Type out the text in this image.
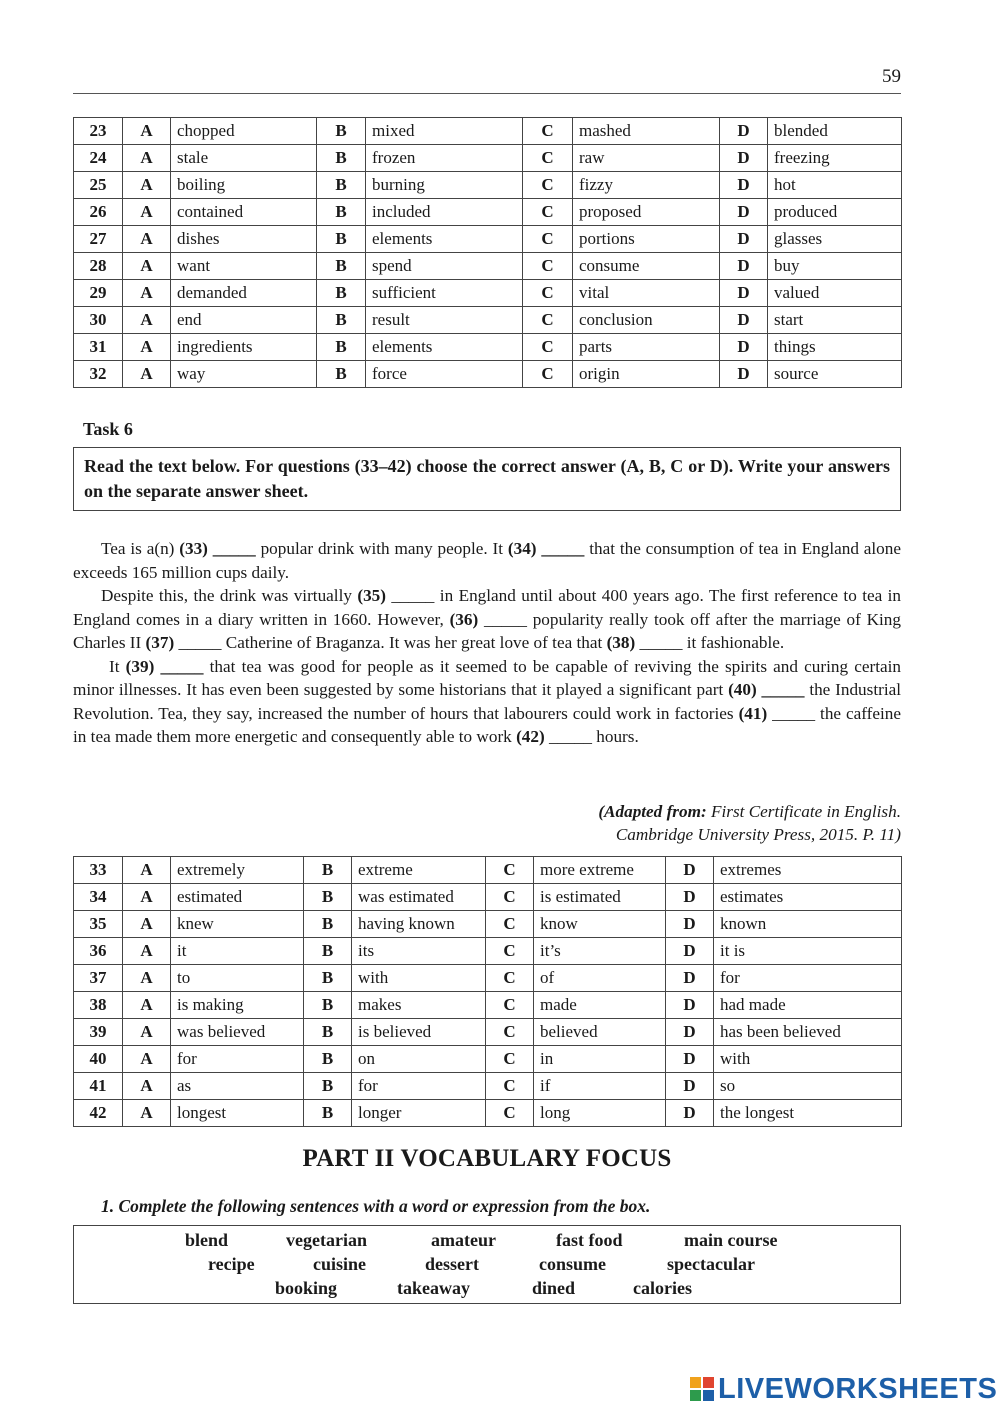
59
23	A	chopped	B	mixed	C	mashed	D	blended
24	A	stale	B	frozen	C	raw	D	freezing
25	A	boiling	B	burning	C	fizzy	D	hot
26	A	contained	B	included	C	proposed	D	produced
27	A	dishes	B	elements	C	portions	D	glasses
28	A	want	B	spend	C	consume	D	buy
29	A	demanded	B	sufficient	C	vital	D	valued
30	A	end	B	result	C	conclusion	D	start
31	A	ingredients	B	elements	C	parts	D	things
32	A	way	B	force	C	origin	D	source
Task 6
Read the text below. For questions (33–42) choose the correct answer (A, B, C or D). Write your answers on the separate answer sheet.

Tea is a(n) (33) _____ popular drink with many people. It (34) _____ that the consumption of tea in England alone exceeds 165 million cups daily.

Despite this, the drink was virtually (35) _____ in England until about 400 years ago. The first reference to tea in England comes in a diary written in 1660. However, (36) _____ popularity really took off after the marriage of King Charles II (37) _____ Catherine of Braganza. It was her great love of tea that (38) _____ it fashionable.

It (39) _____ that tea was good for people as it seemed to be capable of reviving the spirits and curing certain minor illnesses. It has even been suggested by some historians that it played a significant part (40) _____ the Industrial Revolution. Tea, they say, increased the number of hours that labourers could work in factories (41) _____ the caffeine in tea made them more energetic and consequently able to work (42) _____ hours.

(Adapted from: First Certificate in English.
Cambridge University Press, 2015. P. 11)
33	A	extremely	B	extreme	C	more extreme	D	extremes
34	A	estimated	B	was estimated	C	is estimated	D	estimates
35	A	knew	B	having known	C	know	D	known
36	A	it	B	its	C	it’s	D	it is
37	A	to	B	with	C	of	D	for
38	A	is making	B	makes	C	made	D	had made
39	A	was believed	B	is believed	C	believed	D	has been believed
40	A	for	B	on	C	in	D	with
41	A	as	B	for	C	if	D	so
42	A	longest	B	longer	C	long	D	the longest
PART II VOCABULARY FOCUS
1. Complete the following sentences with a word or expression from the box.
blend	vegetarian	amateur	fast food	main course
recipe	cuisine	dessert	consume	spectacular
booking	takeaway	dined	calories
LIVEWORKSHEETS
